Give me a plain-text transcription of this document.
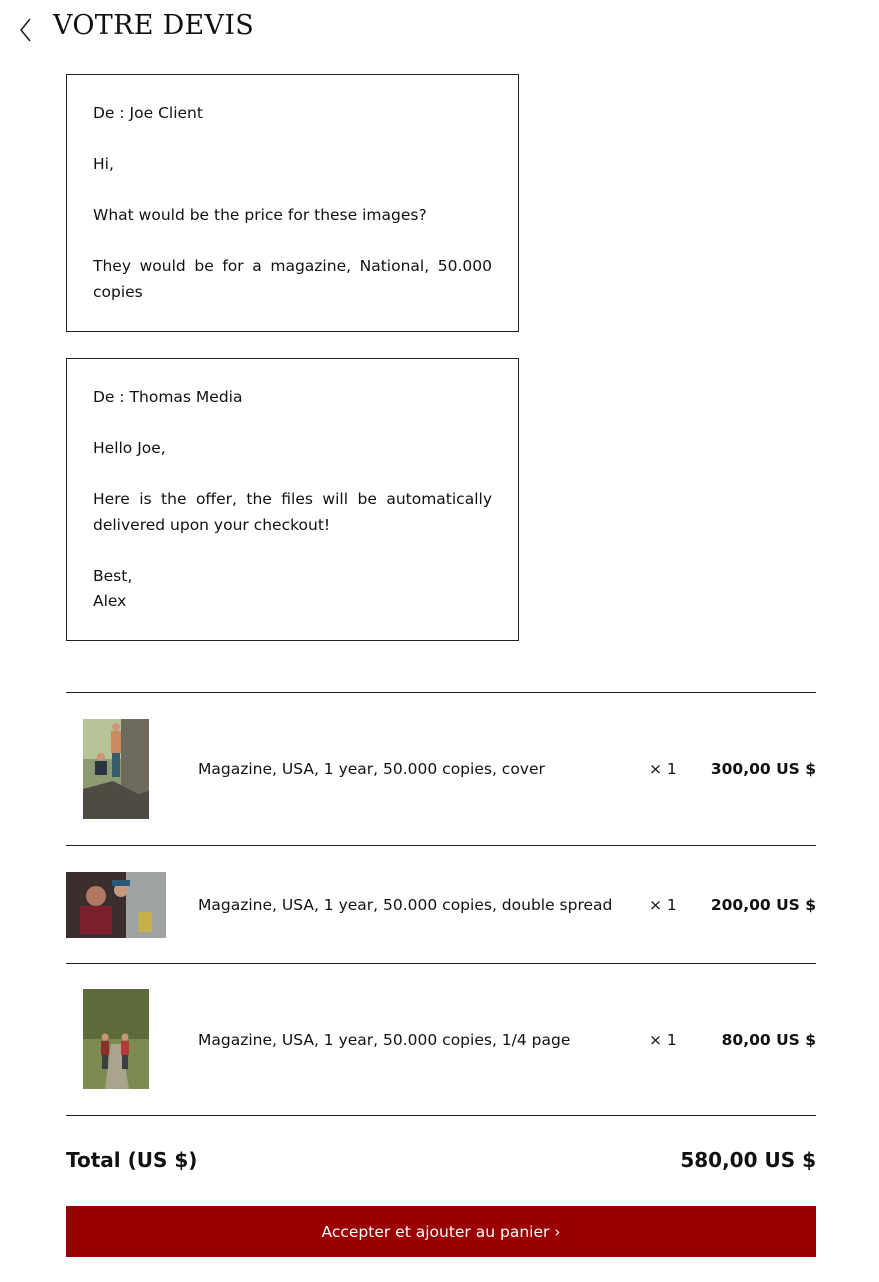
VOTRE DEVIS

De : Joe Client

Hi,

What would be the price for these images?

They would be for a magazine, National, 50.000 copies

De : Thomas Media

Hello Joe,

Here is the offer, the files will be automatically delivered upon your checkout!

Best,

Alex

Magazine, USA, 1 year, 50.000 copies, cover	× 1 300,00 US $
Magazine, USA, 1 year, 50.000 copies, double spread × 1 200,00 US $
Magazine, USA, 1 year, 50.000 copies, 1/4 page	× 1	80,00 US $
Total (US $)	580,00 US $
Accepter et ajouter au panier ›
